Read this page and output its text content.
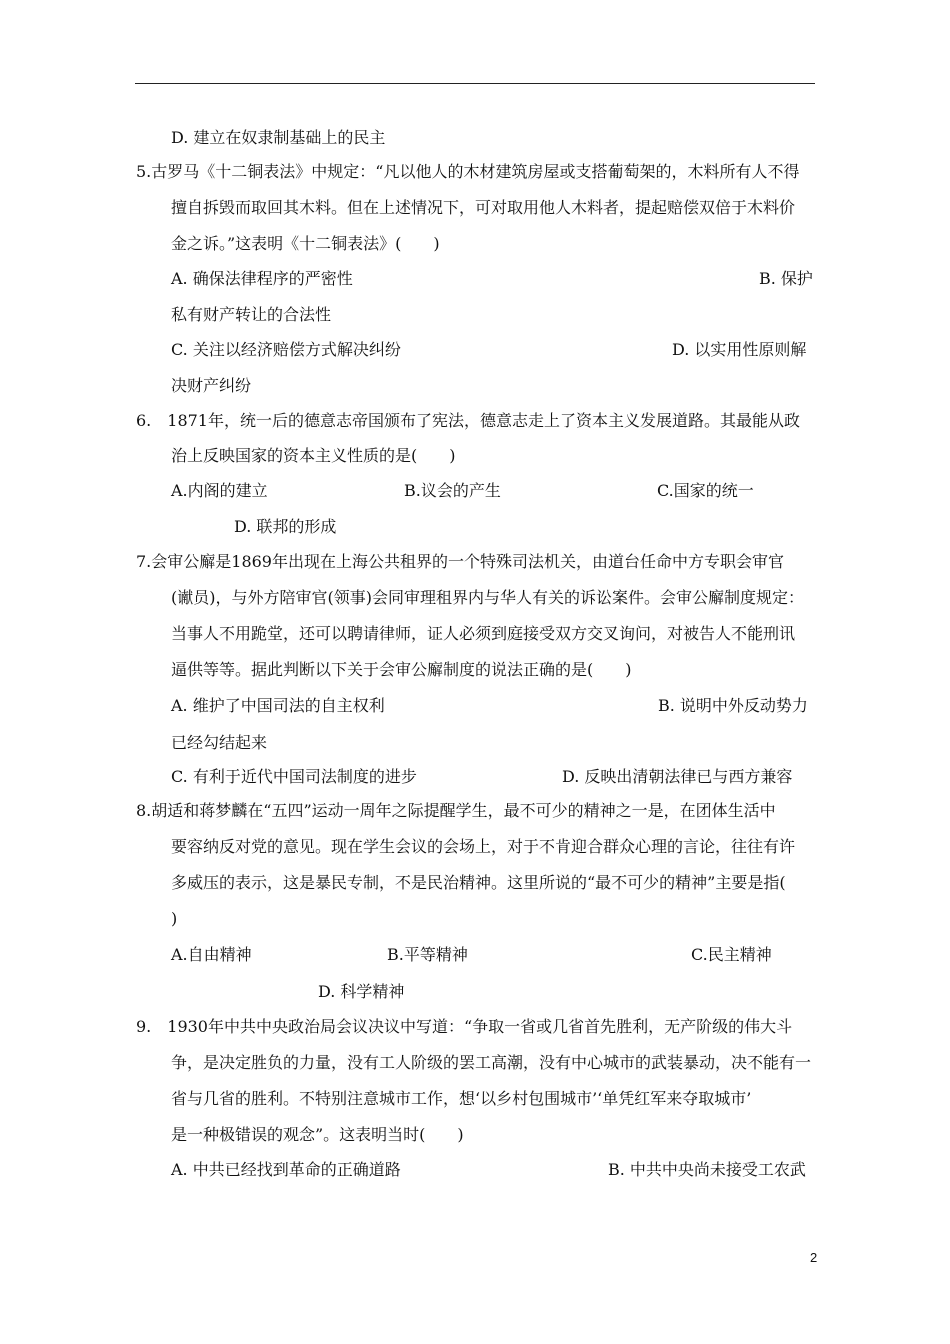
D. 建立在奴隶制基础上的民主
5.古罗马《十二铜表法》中规定：“凡以他人的木材建筑房屋或支搭葡萄架的，木料所有人不得
擅自拆毁而取回其木料。但在上述情况下，可对取用他人木料者，提起赔偿双倍于木料价
金之诉。”这表明《十二铜表法》(　　)
A. 确保法律程序的严密性	B. 保护
私有财产转让的合法性
C. 关注以经济赔偿方式解决纠纷	D. 以实用性原则解
决财产纠纷
6.　1871年，统一后的德意志帝国颁布了宪法，德意志走上了资本主义发展道路。其最能从政
治上反映国家的资本主义性质的是(　　)
A.内阁的建立	B.议会的产生	C.国家的统一
D. 联邦的形成
7.会审公廨是1869年出现在上海公共租界的一个特殊司法机关，由道台任命中方专职会审官
(谳员)，与外方陪审官(领事)会同审理租界内与华人有关的诉讼案件。会审公廨制度规定：
当事人不用跪堂，还可以聘请律师，证人必须到庭接受双方交叉询问，对被告人不能刑讯
逼供等等。据此判断以下关于会审公廨制度的说法正确的是(　　)
A. 维护了中国司法的自主权利	B. 说明中外反动势力
已经勾结起来
C. 有利于近代中国司法制度的进步	D. 反映出清朝法律已与西方兼容
8.胡适和蒋梦麟在“五四”运动一周年之际提醒学生，最不可少的精神之一是，在团体生活中
要容纳反对党的意见。现在学生会议的会场上，对于不肯迎合群众心理的言论，往往有许
多威压的表示，这是暴民专制，不是民治精神。这里所说的“最不可少的精神”主要是指(
)
A.自由精神	B.平等精神	C.民主精神
D. 科学精神
9.　1930年中共中央政治局会议决议中写道：“争取一省或几省首先胜利，无产阶级的伟大斗
争，是决定胜负的力量，没有工人阶级的罢工高潮，没有中心城市的武装暴动，决不能有一
省与几省的胜利。不特别注意城市工作，想‘以乡村包围城市’‘单凭红军来夺取城市’
是一种极错误的观念”。这表明当时(　　)
A. 中共已经找到革命的正确道路	B. 中共中央尚未接受工农武
2
